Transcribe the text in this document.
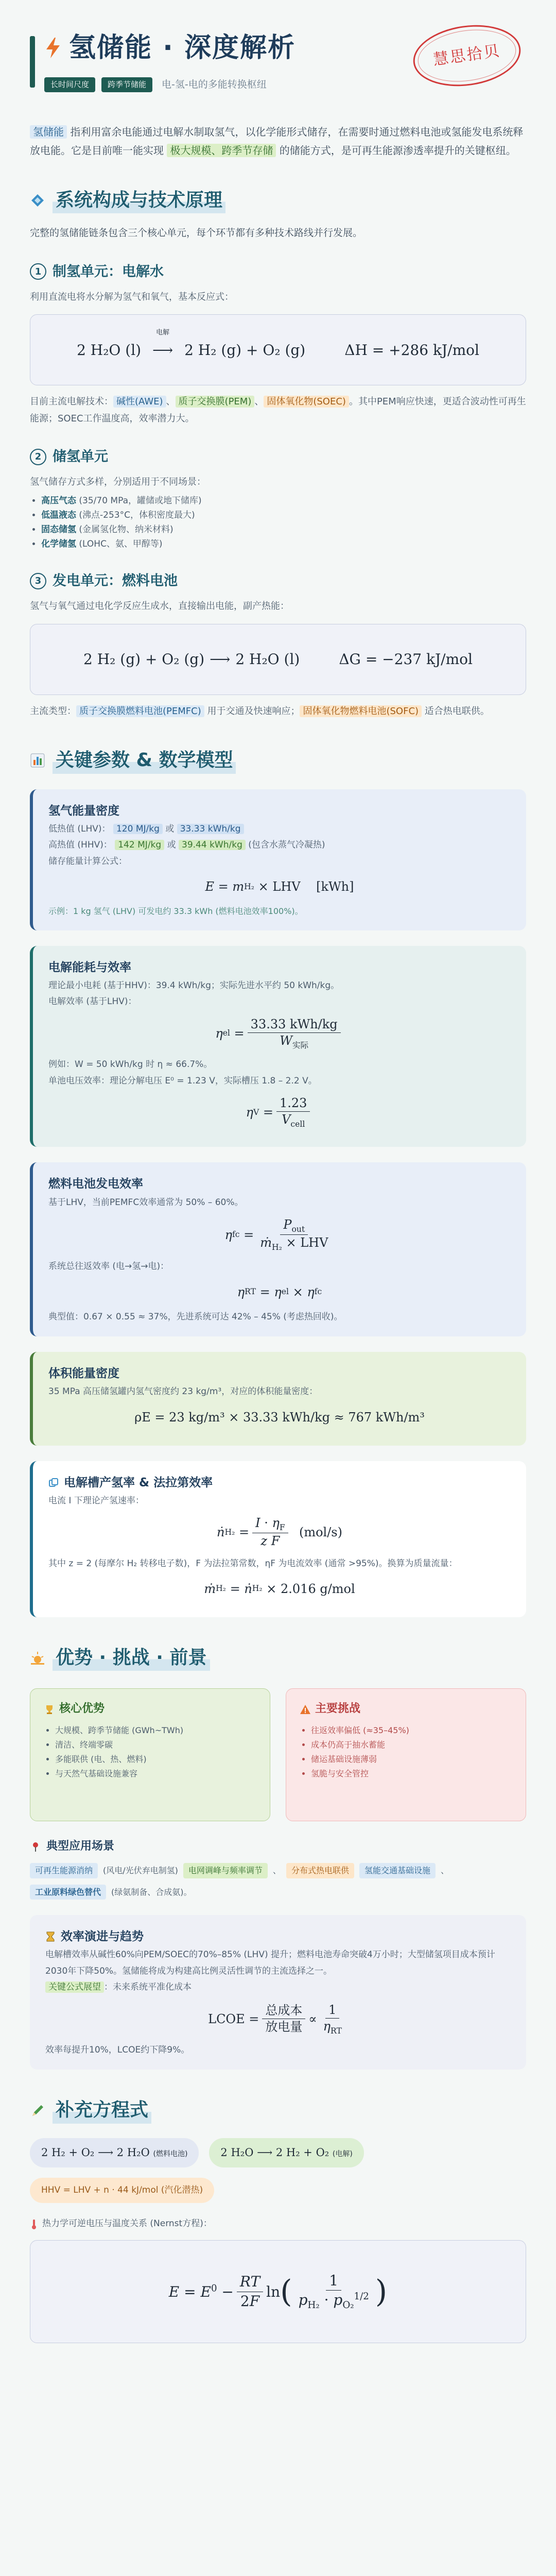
氢储能 · 深度解析
长时间尺度	跨季节储能	电-氢-电的多能转换枢纽
慧思拾贝

氢储能 指利用富余电能通过电解水制取氢气，以化学能形式储存，在需要时通过燃料电池或氢能发电系统释放电能。它是目前唯一能实现 极大规模、跨季节存储 的储能方式，是可再生能源渗透率提升的关键枢纽。

系统构成与技术原理

完整的氢储能链条包含三个核心单元，每个环节都有多种技术路线并行发展。

1 制氢单元：电解水

利用直流电将水分解为氢气和氧气，基本反应式：

2 H₂O (l)
电解
⟶ 2 H₂ (g) + O₂ (g)	ΔH = +286 kJ/mol

目前主流电解技术： 碱性(AWE) 、 质子交换膜(PEM) 、 固体氧化物(SOEC) 。其中PEM响应快速，更适合波动性可再生能源；SOEC工作温度高，效率潜力大。

2 储氢单元

氢气储存方式多样，分别适用于不同场景：

• 高压气态 (35/70 MPa，罐储或地下储库)
• 低温液态 (沸点-253°C，体积密度最大)
• 固态储氢 (金属氢化物、纳米材料)
• 化学储氢 (LOHC、氨、甲醇等)
3 发电单元：燃料电池

氢气与氧气通过电化学反应生成水，直接输出电能，副产热能：

2 H₂ (g) + O₂ (g) ⟶ 2 H₂O (l)	ΔG = −237 kJ/mol

主流类型： 质子交换膜燃料电池(PEMFC) 用于交通及快速响应； 固体氧化物燃料电池(SOFC) 适合热电联供。

关键参数 & 数学模型
氢气能量密度
低热值 (LHV)： 120 MJ/kg 或 33.33 kWh/kg
高热值 (HHV)： 142 MJ/kg 或 39.44 kWh/kg (包含水蒸气冷凝热)
储存能量计算公式：
E = m H₂ × LHV    [kWh]
示例：1 kg 氢气 (LHV) 可发电约 33.3 kWh (燃料电池效率100%)。
电解能耗与效率
理论最小电耗 (基于HHV)：39.4 kWh/kg；实际先进水平约 50 kWh/kg。
电解效率 (基于LHV)：
η el = $\frac{\text{33.33 kWh/kg}}{W_{实际}}$
例如：W = 50 kWh/kg 时 η ≈ 66.7%。
单池电压效率：理论分解电压 E⁰ = 1.23 V，实际槽压 1.8 – 2.2 V。
η $V = \frac{1.23}{V_{cell}}$
燃料电池发电效率
基于LHV，当前PEMFC效率通常为 50% – 60%。
η fc = $\frac{P_{out}}{ṁ_{H_2} \times LHV}$
系统总往返效率 (电→氢→电)：
η RT = η el × η fc
典型值：0.67 × 0.55 ≈ 37%，先进系统可达 42% – 45% (考虑热回收)。
体积能量密度
35 MPa 高压储氢罐内氢气密度约 23 kg/m³，对应的体积能量密度：
ρE = 23 kg/m³ × 33.33 kWh/kg ≈ 767 kWh/m³
电解槽产氢率 & 法拉第效率
电流 I 下理论产氢速率：
ṅ $H_2 = \frac{I \cdot \eta_F}{\text{z F}}$
(mol/s)
其中 z = 2 (每摩尔 H₂ 转移电子数)，F 为法拉第常数，ηF 为电流效率 (通常 >95%)。换算为质量流量：
ṁ H₂ = ṅ H₂ × 2.016 g/mol
优势 · 挑战 · 前景
核心优势
• 大规模、跨季节储能 (GWh~TWh)
• 清洁、终端零碳
• 多能联供 (电、热、燃料)
• 与天然气基础设施兼容
主要挑战
• 往返效率偏低 (≈35–45%)
• 成本仍高于抽水蓄能
• 储运基础设施薄弱
• 氢脆与安全管控
典型应用场景
可再生能源消纳	(风电/光伏弃电制氢)	电网调峰与频率调节	、	分布式热电联供	氢能交通基础设施	、
工业原料绿色替代	(绿氨制备、合成氨)。
效率演进与趋势
电解槽效率从碱性60%向PEM/SOEC的70%–85% (LHV) 提升；燃料电池寿命突破4万小时；大型储氢项目成本预计2030年下降50%。氢储能将成为构建高比例灵活性调节的主流选择之一。
关键公式展望 ：未来系统平准化成本
LCOE = $\frac{\text{总成本}}{\text{放电量}} \propto \frac{1}{\eta_{RT}}$
效率每提升10%，LCOE约下降9%。
补充方程式
2 H₂ + O₂ ⟶ 2 H₂O (燃料电池)	2 H₂O ⟶ 2 H₂ + O₂ (电解)
HHV = LHV + n · 44 kJ/mol (汽化潜热)
热力学可逆电压与温度关系 (Nernst方程)：
$E = E^0 - \frac{RT}{2F}$ ln ( $\frac{1}{p_{H_2} \cdot p_{O_2}^{1/2}}$ )
